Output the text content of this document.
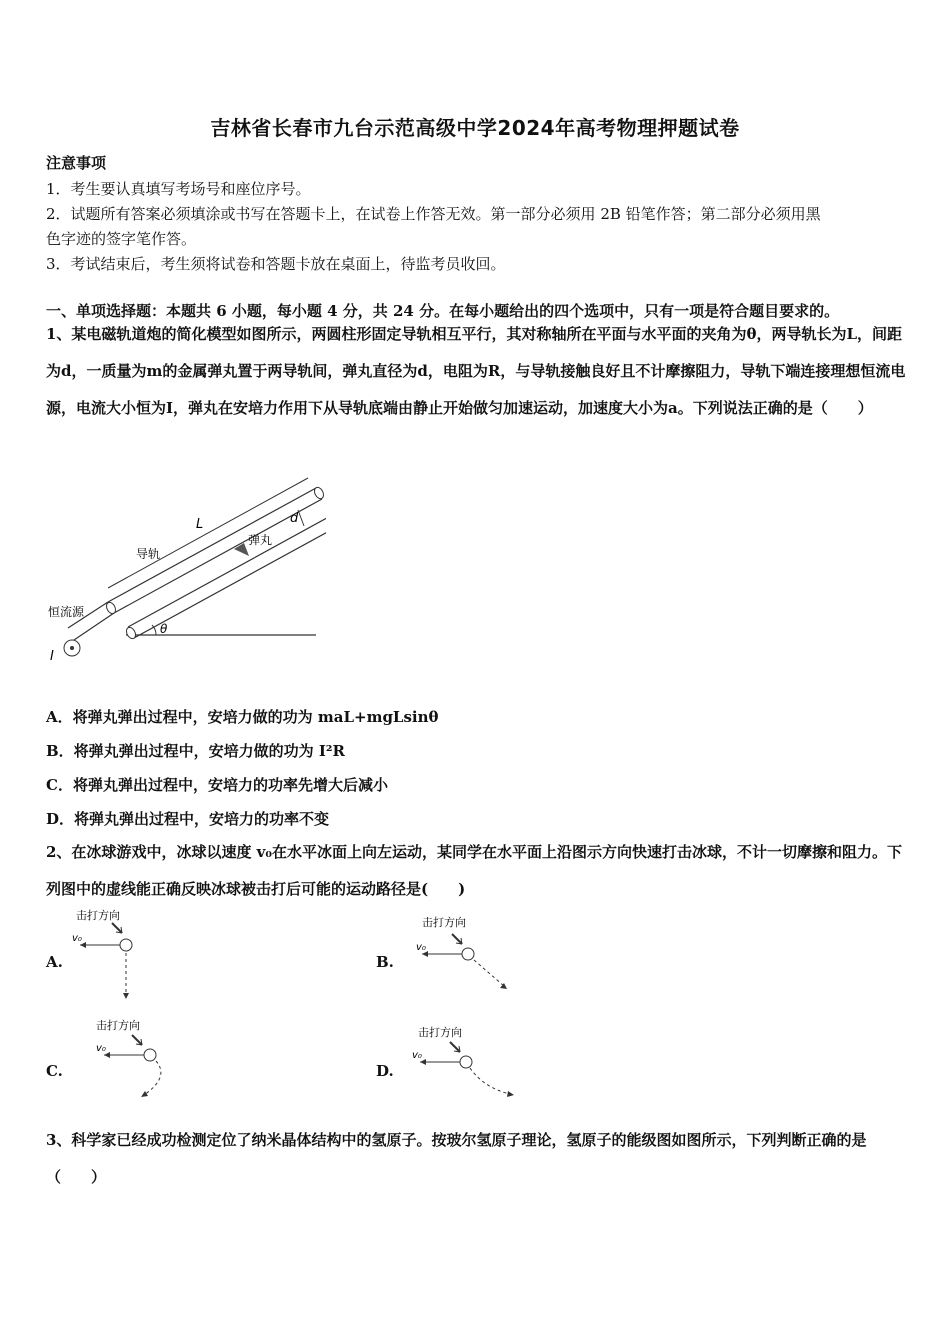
吉林省长春市九台示范高级中学2024年高考物理押题试卷
注意事项
1．考生要认真填写考场号和座位序号。
2．试题所有答案必须填涂或书写在答题卡上，在试卷上作答无效。第一部分必须用 2B 铅笔作答；第二部分必须用黑
色字迹的签字笔作答。
3．考试结束后，考生须将试卷和答题卡放在桌面上，待监考员收回。
一、单项选择题：本题共 6 小题，每小题 4 分，共 24 分。在每小题给出的四个选项中，只有一项是符合题目要求的。
1、某电磁轨道炮的简化模型如图所示，两圆柱形固定导轨相互平行，其对称轴所在平面与水平面的夹角为θ，两导轨长为L，间距为d，一质量为m的金属弹丸置于两导轨间，弹丸直径为d，电阻为R，与导轨接触良好且不计摩擦阻力，导轨下端连接理想恒流电源，电流大小恒为I，弹丸在安培力作用下从导轨底端由静止开始做匀加速运动，加速度大小为a。下列说法正确的是（　　）
L	d
导轨
弹丸
恒流源
I
θ
A．将弹丸弹出过程中，安培力做的功为 maL+mgLsinθ
B．将弹丸弹出过程中，安培力做的功为 I²R
C．将弹丸弹出过程中，安培力的功率先增大后减小
D．将弹丸弹出过程中，安培力的功率不变
2、在冰球游戏中，冰球以速度 v₀在水平冰面上向左运动，某同学在水平面上沿图示方向快速打击冰球，不计一切摩擦和阻力。下列图中的虚线能正确反映冰球被击打后可能的运动路径是(　　)
A.
击打方向
v₀
B.
击打方向
v₀
C.
击打方向
v₀
D.
击打方向
v₀
3、科学家已经成功检测定位了纳米晶体结构中的氢原子。按玻尔氢原子理论，氢原子的能级图如图所示，下列判断正确的是（　　）
